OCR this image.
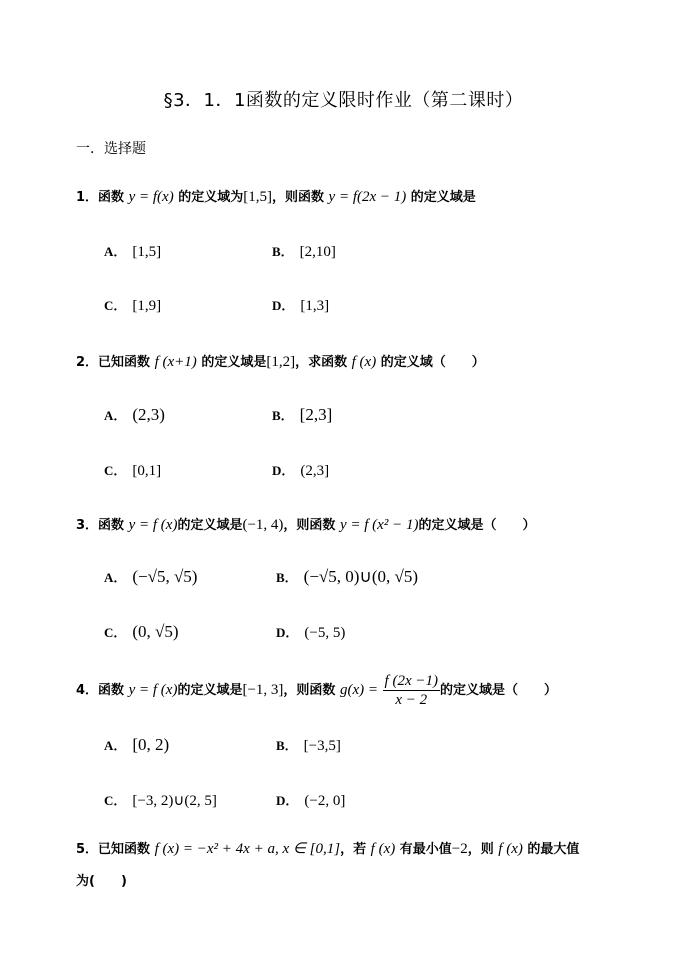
§3．1．1函数的定义限时作业（第二课时）
一．选择题
1．函数 y = f(x) 的定义域为[1,5]，则函数 y = f(2x − 1) 的定义域是
A． [1,5]	B． [2,10]
C． [1,9]	D． [1,3]
2．已知函数 f (x+1) 的定义域是[1,2]，求函数 f (x) 的定义域（　　）
A． (2,3)	B． [2,3]
C． [0,1]	D． (2,3]
3．函数 y = f (x)的定义域是(−1, 4)，则函数 y = f (x² − 1)的定义域是（　　）
A． (−√5, √5)	B． (−√5, 0)∪(0, √5)
C． (0, √5)	D． (−5, 5)
4．函数 y = f (x)的定义域是[−1, 3]，则函数 $g(x) = \frac{f (2x -1)}{x - 2}$ 的定义域是（　　）
A． [0, 2)	B． [−3,5]
C． [−3, 2)∪(2, 5]	D． (−2, 0]
5．已知函数 f (x) = −x² + 4x + a, x ∈ [0,1]，若 f (x) 有最小值−2，则 f (x) 的最大值
为(　　)
